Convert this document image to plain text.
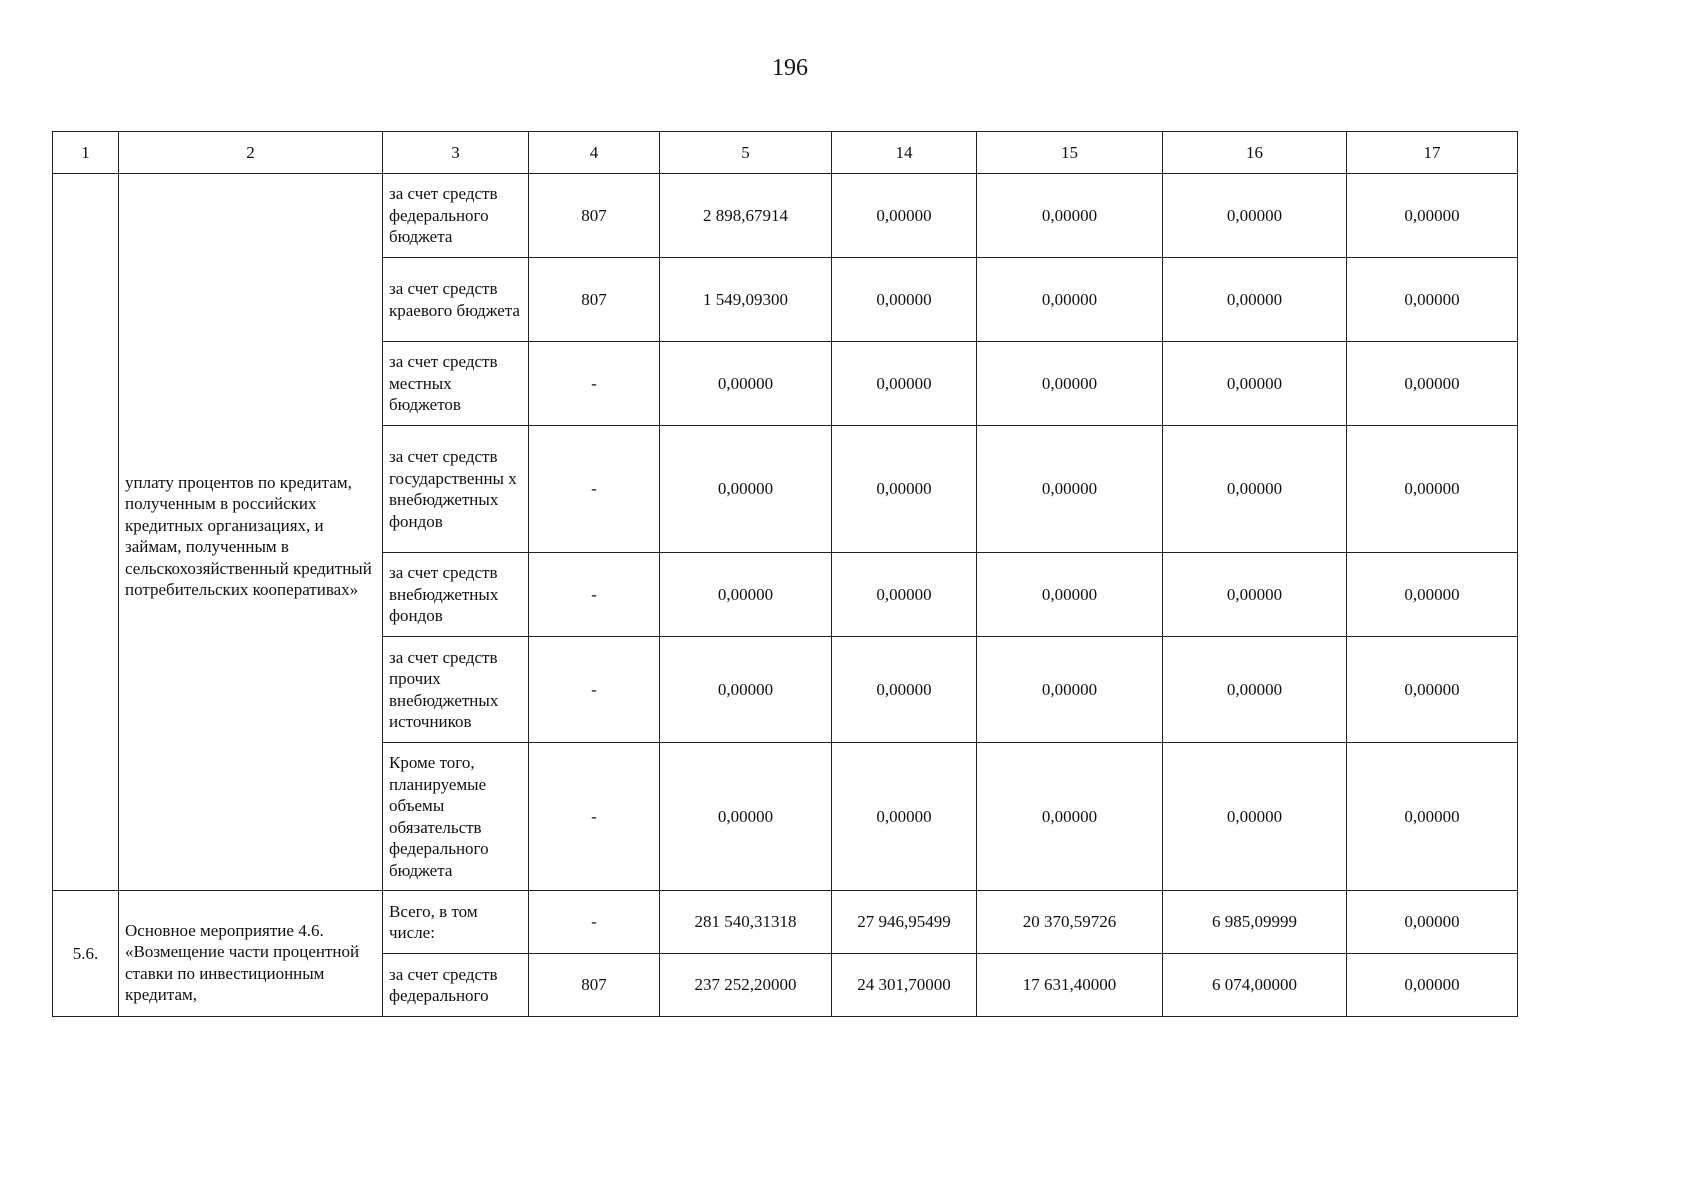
196
1	2	3	4	5	14	15	16	17
	уплату процентов по кредитам, полученным в российских кредитных организациях, и займам, полученным в сельскохозяйственный кредитный потребительских кооперативах»	за счет средств федерального бюджета	807	2 898,67914	0,00000	0,00000	0,00000	0,00000
		за счет средств краевого бюджета	807	1 549,09300	0,00000	0,00000	0,00000	0,00000
		за счет средств местных бюджетов	-	0,00000	0,00000	0,00000	0,00000	0,00000
		за счет средств государственны х внебюджетных фондов	-	0,00000	0,00000	0,00000	0,00000	0,00000
		за счет средств внебюджетных фондов	-	0,00000	0,00000	0,00000	0,00000	0,00000
		за счет средств прочих внебюджетных источников	-	0,00000	0,00000	0,00000	0,00000	0,00000
		Кроме того, планируемые объемы обязательств федерального бюджета	-	0,00000	0,00000	0,00000	0,00000	0,00000
5.6.	Основное мероприятие 4.6. «Возмещение части процентной ставки по инвестиционным кредитам,	Всего, в том числе:	-	281 540,31318	27 946,95499	20 370,59726	6 985,09999	0,00000
		за счет средств федерального	807	237 252,20000	24 301,70000	17 631,40000	6 074,00000	0,00000
